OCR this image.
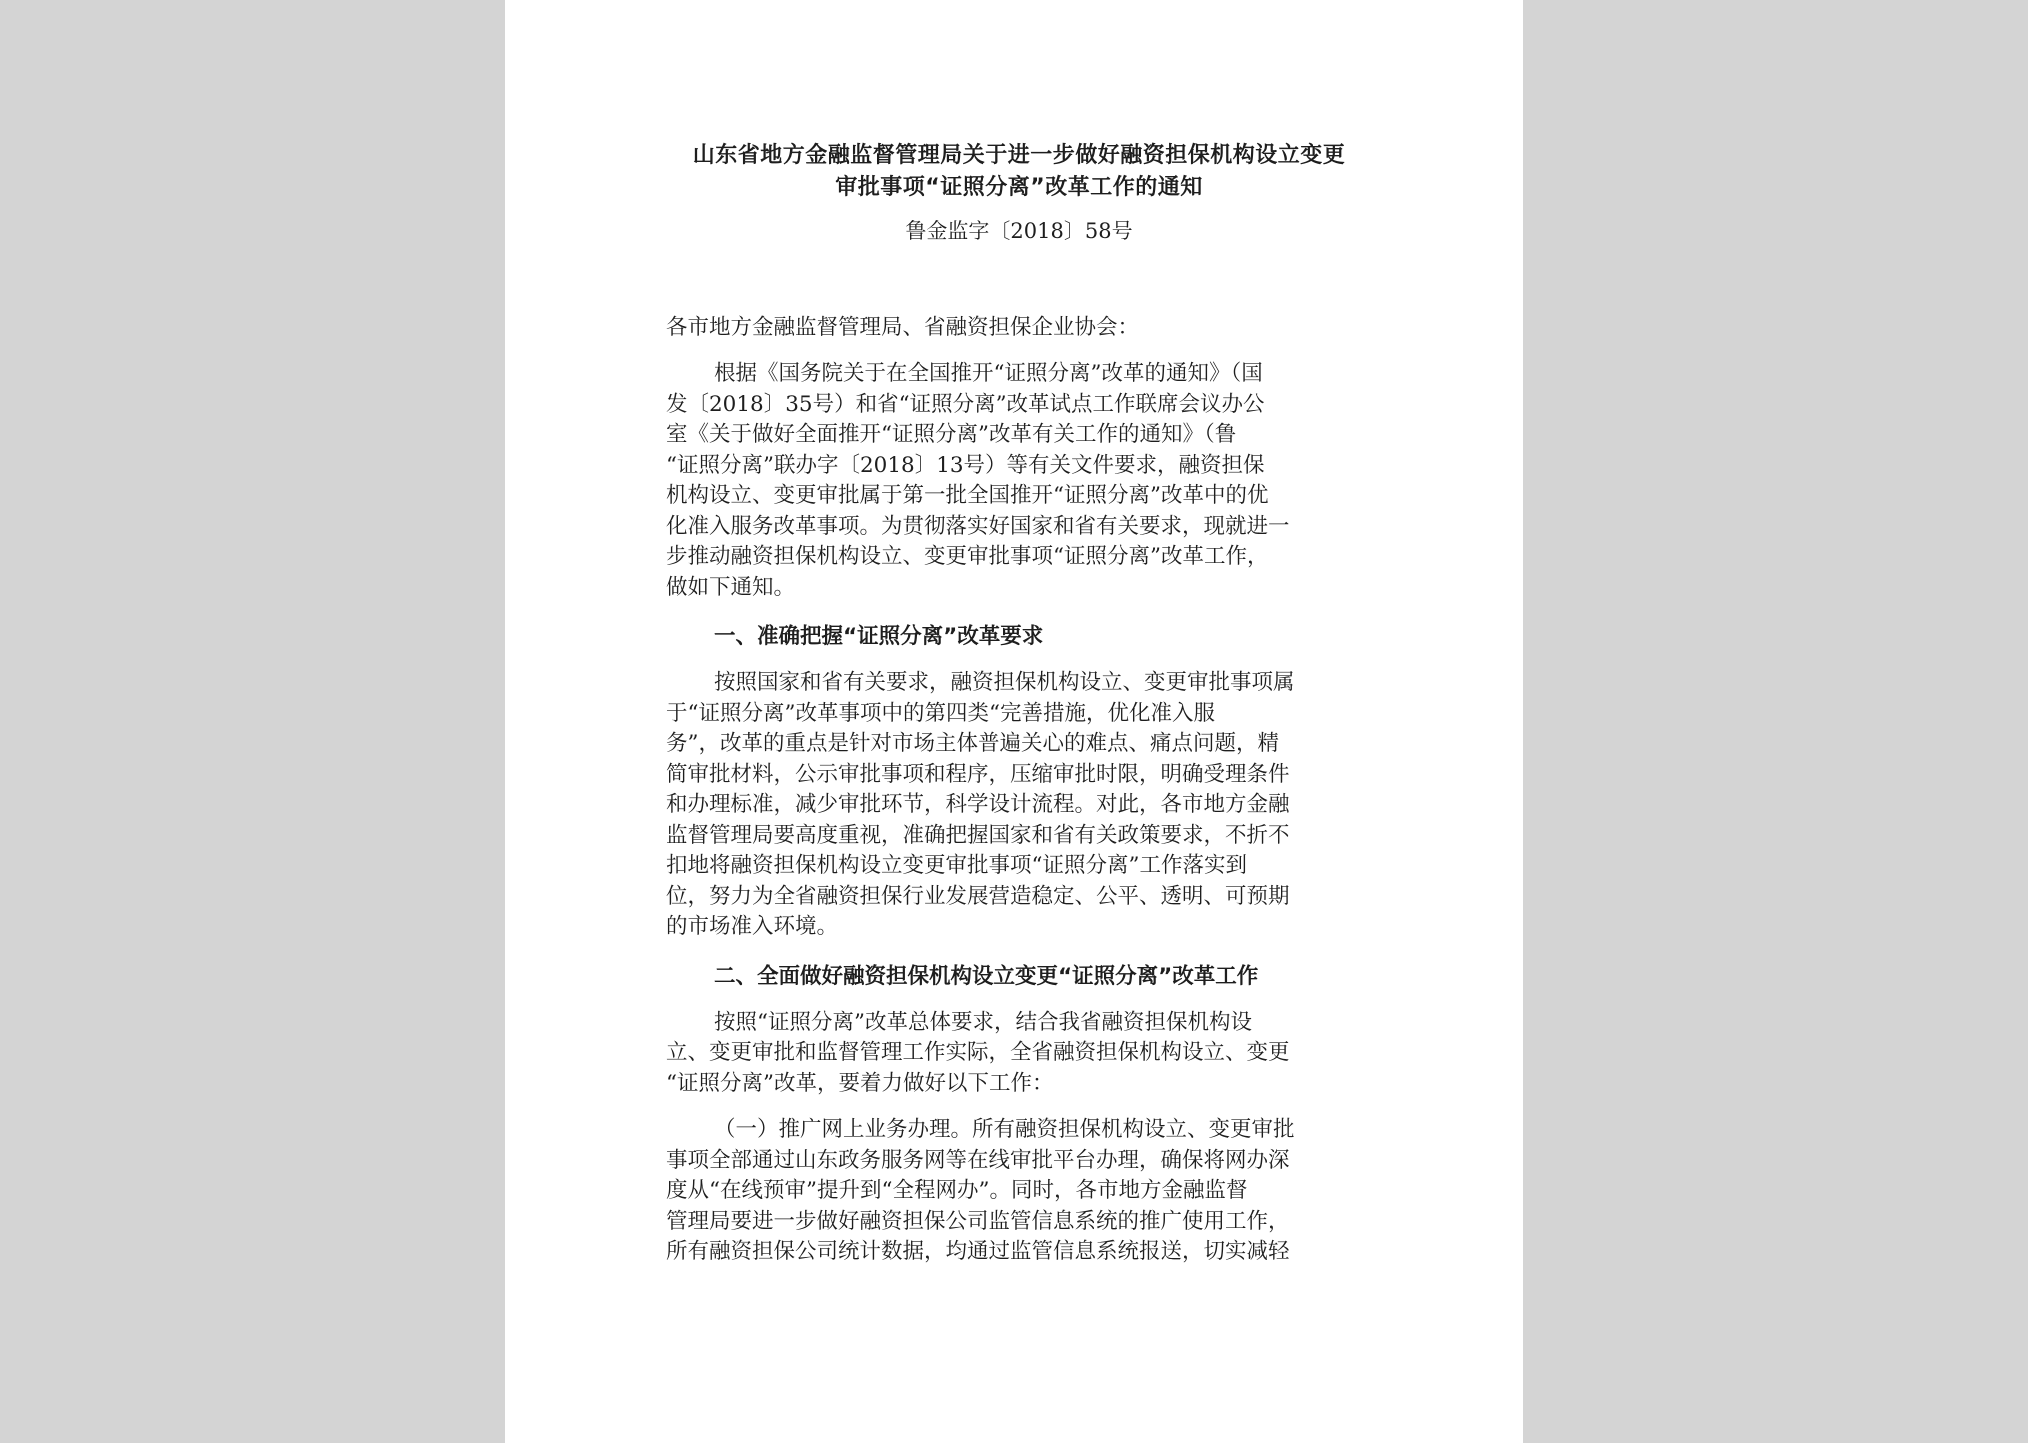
山东省地方金融监督管理局关于进一步做好融资担保机构设立变更
审批事项“证照分离”改革工作的通知
鲁金监字〔2018〕58号
各市地方金融监督管理局、省融资担保企业协会：
根据《国务院关于在全国推开“证照分离”改革的通知》（国
发〔2018〕35号）和省“证照分离”改革试点工作联席会议办公
室《关于做好全面推开“证照分离”改革有关工作的通知》（鲁
“证照分离”联办字〔2018〕13号）等有关文件要求，融资担保
机构设立、变更审批属于第一批全国推开“证照分离”改革中的优
化准入服务改革事项。为贯彻落实好国家和省有关要求，现就进一
步推动融资担保机构设立、变更审批事项“证照分离”改革工作，
做如下通知。
一、准确把握“证照分离”改革要求
按照国家和省有关要求，融资担保机构设立、变更审批事项属
于“证照分离”改革事项中的第四类“完善措施，优化准入服
务”，改革的重点是针对市场主体普遍关心的难点、痛点问题，精
简审批材料，公示审批事项和程序，压缩审批时限，明确受理条件
和办理标准，减少审批环节，科学设计流程。对此，各市地方金融
监督管理局要高度重视，准确把握国家和省有关政策要求，不折不
扣地将融资担保机构设立变更审批事项“证照分离”工作落实到
位，努力为全省融资担保行业发展营造稳定、公平、透明、可预期
的市场准入环境。
二、全面做好融资担保机构设立变更“证照分离”改革工作
按照“证照分离”改革总体要求，结合我省融资担保机构设
立、变更审批和监督管理工作实际，全省融资担保机构设立、变更
“证照分离”改革，要着力做好以下工作：
（一）推广网上业务办理。所有融资担保机构设立、变更审批
事项全部通过山东政务服务网等在线审批平台办理，确保将网办深
度从“在线预审”提升到“全程网办”。同时，各市地方金融监督
管理局要进一步做好融资担保公司监管信息系统的推广使用工作，
所有融资担保公司统计数据，均通过监管信息系统报送，切实减轻
